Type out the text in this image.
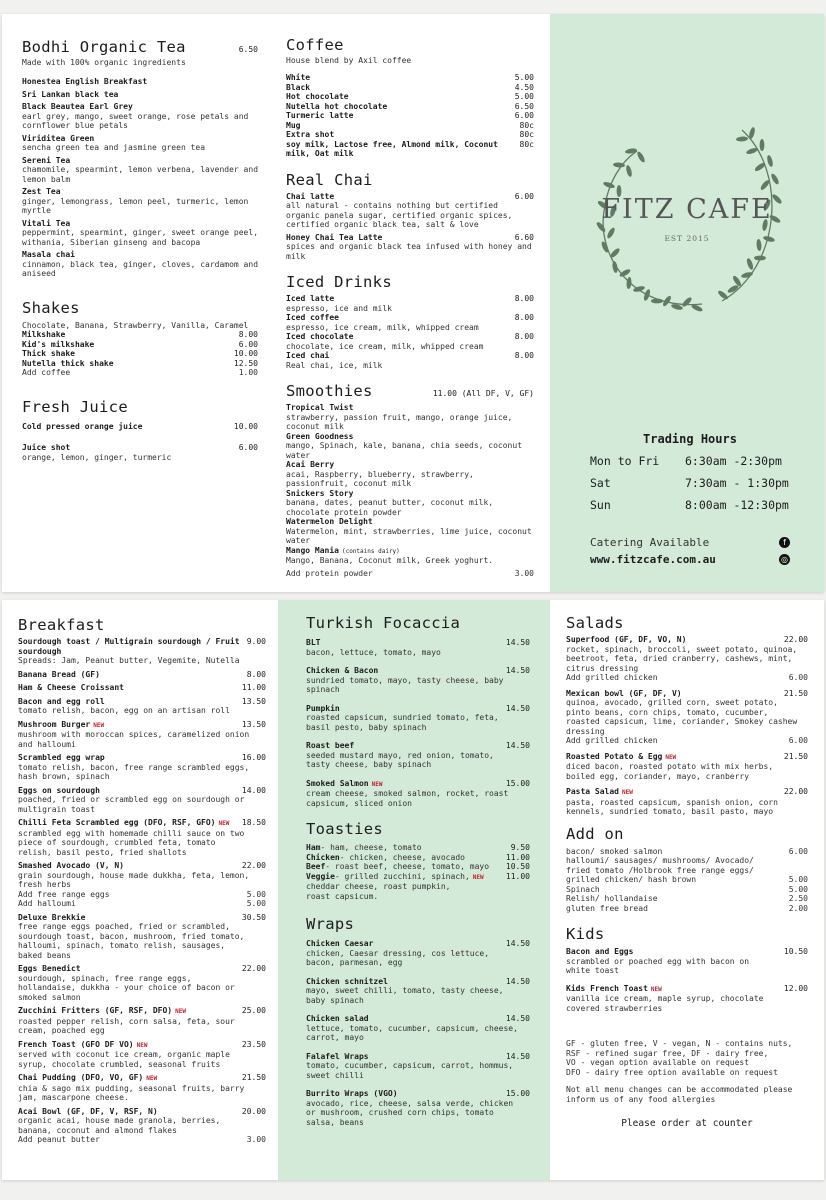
Bodhi Organic Tea	6.50
Made with 100% organic ingredients
Honestea English Breakfast
Sri Lankan black tea
Black Beautea Earl Grey
earl grey, mango, sweet orange, rose petals and cornflower blue petals
Viriditea Green
sencha green tea and jasmine green tea
Sereni Tea
chamomile, spearmint, lemon verbena, lavender and lemon balm
Zest Tea
ginger, lemongrass, lemon peel, turmeric, lemon myrtle
Vitali Tea
peppermint, spearmint, ginger, sweet orange peel, withania, Siberian ginseng and bacopa
Masala chai
cinnamon, black tea, ginger, cloves, cardamom and aniseed
Shakes
Chocolate, Banana, Strawberry, Vanilla, Caramel
Milkshake	8.00
Kid's milkshake	6.00
Thick shake	10.00
Nutella thick shake	12.50
Add coffee	1.00
Fresh Juice
Cold pressed orange juice	10.00
Juice shot	6.00
orange, lemon, ginger, turmeric
Coffee
House blend by Axil coffee
White	5.00
Black	4.50
Hot chocolate	5.00
Nutella hot chocolate	6.50
Turmeric latte	6.00
Mug	80c
Extra shot	80c
soy milk, Lactose free, Almond milk, Coconut milk, Oat milk
80c
Real Chai
Chai latte	6.00
all natural - contains nothing but certified organic panela sugar, certified organic spices, certified organic black tea, salt & love
Honey Chai Tea Latte	6.60
spices and organic black tea infused with honey and milk
Iced Drinks
Iced latte	8.00
espresso, ice and milk
Iced coffee	8.00
espresso, ice cream, milk, whipped cream
Iced chocolate	8.00
chocolate, ice cream, milk, whipped cream
Iced chai	8.00
Real chai, ice, milk
Smoothies	11.00 (All DF, V, GF)
Tropical Twist
strawberry, passion fruit, mango, orange juice, coconut milk
Green Goodness
mango, Spinach, kale, banana, chia seeds, coconut water
Acai Berry
acai, Raspberry, blueberry, strawberry, passionfruit, coconut milk
Snickers Story
banana, dates, peanut butter, coconut milk, chocolate protein powder
Watermelon Delight
Watermelon, mint, strawberries, lime juice, coconut water
Mango Mania (contains dairy)
Mango, Banana, Coconut milk, Greek yoghurt.
Add protein powder	3.00
FITZ CAFE
EST 2015
Trading Hours
Mon to Fri	6:30am -2:30pm
Sat	7:30am - 1:30pm
Sun	8:00am -12:30pm
Catering Available	f
www.fitzcafe.com.au	◎
Breakfast
Sourdough toast / Multigrain sourdough / Fruit sourdough
9.00
Spreads: Jam, Peanut butter, Vegemite, Nutella
Banana Bread (GF)	8.00
Ham & Cheese Croissant	11.00
Bacon and egg roll	13.50
tomato relish, bacon, egg on an artisan roll
Mushroom Burger NEW	13.50
mushroom with moroccan spices, caramelized onion and halloumi
Scrambled egg wrap	16.00
tomato relish, bacon, free range scrambled eggs, hash brown, spinach
Eggs on sourdough	14.00
poached, fried or scrambled egg on sourdough or multigrain toast
Chilli Feta Scrambled egg (DFO, RSF, GFO) NEW	18.50
scrambled egg with homemade chilli sauce on two piece of sourdough, crumbled feta, tomato relish, basil pesto, fried shallots
Smashed Avocado (V, N)	22.00
grain sourdough, house made dukkha, feta, lemon, fresh herbs
Add free range eggs	5.00
Add halloumi	5.00
Deluxe Brekkie	30.50
free range eggs poached, fried or scrambled, sourdough toast, bacon, mushroom, fried tomato, halloumi, spinach, tomato relish, sausages, baked beans
Eggs Benedict	22.00
sourdough, spinach, free range eggs, hollandaise, dukkha - your choice of bacon or smoked salmon
Zucchini Fritters (GF, RSF, DFO) NEW	25.00
roasted pepper relish, corn salsa, feta, sour cream, poached egg
French Toast (GFO DF VO) NEW	23.50
served with coconut ice cream, organic maple syrup, chocolate crumbled, seasonal fruits
Chai Pudding (DFO, VO, GF) NEW	21.50
chia & sago mix pudding, seasonal fruits, barry jam, mascarpone cheese.
Acai Bowl (GF, DF, V, RSF, N)	20.00
organic acai, house made granola, berries, banana, coconut and almond flakes
Add peanut butter	3.00
Turkish Focaccia
BLT	14.50
bacon, lettuce, tomato, mayo
Chicken & Bacon	14.50
sundried tomato, mayo, tasty cheese, baby spinach
Pumpkin	14.50
roasted capsicum, sundried tomato, feta, basil pesto, baby spinach
Roast beef	14.50
seeded mustard mayo, red onion, tomato, tasty cheese, baby spinach
Smoked Salmon NEW	15.00
cream cheese, smoked salmon, rocket, roast capsicum, sliced onion
Toasties
Ham- ham, cheese, tomato	9.50
Chicken- chicken, cheese, avocado	11.00
Beef- roast beef, cheese, tomato, mayo	10.50
Veggie- grilled zucchini, spinach, NEW	11.00
cheddar cheese, roast pumpkin, roast capsicum.
Wraps
Chicken Caesar	14.50
chicken, Caesar dressing, cos lettuce, bacon, parmesan, egg
Chicken schnitzel	14.50
mayo, sweet chilli, tomato, tasty cheese, baby spinach
Chicken salad	14.50
lettuce, tomato, cucumber, capsicum, cheese, carrot, mayo
Falafel Wraps	14.50
tomato, cucumber, capsicum, carrot, hommus, sweet chilli
Burrito Wraps (VGO)	15.00
avocado, rice, cheese, salsa verde, chicken or mushroom, crushed corn chips, tomato salsa, beans
Salads
Superfood (GF, DF, VO, N)	22.00
rocket, spinach, broccoli, sweet potato, quinoa, beetroot, feta, dried cranberry, cashews, mint, citrus dressing
Add grilled chicken	6.00
Mexican bowl (GF, DF, V)	21.50
quinoa, avocado, grilled corn, sweet potato, pinto beans, corn chips, tomato, cucumber, roasted capsicum, lime, coriander, Smokey cashew dressing
Add grilled chicken	6.00
Roasted Potato & Egg NEW	21.50
diced bacon, roasted potato with mix herbs, boiled egg, coriander, mayo, cranberry
Pasta Salad NEW	22.00
pasta, roasted capsicum, spanish onion, corn kennels, sundried tomato, basil pasto, mayo
Add on
bacon/ smoked salmon	6.00
halloumi/ sausages/ mushrooms/ Avocado/
fried tomato /Holbrook free range eggs/
grilled chicken/ hash brown	5.00
Spinach	5.00
Relish/ hollandaise	2.50
gluten free bread	2.00
Kids
Bacon and Eggs	10.50
scrambled or poached egg with bacon on white toast
Kids French Toast NEW	12.00
vanilla ice cream, maple syrup, chocolate covered strawberries
GF - gluten free, V - vegan, N - contains nuts,
RSF - refined sugar free, DF - dairy free,
VO - vegan option available on request
DFO - dairy free option available on request
Not all menu changes can be accommodated please inform us of any food allergies
Please order at counter
